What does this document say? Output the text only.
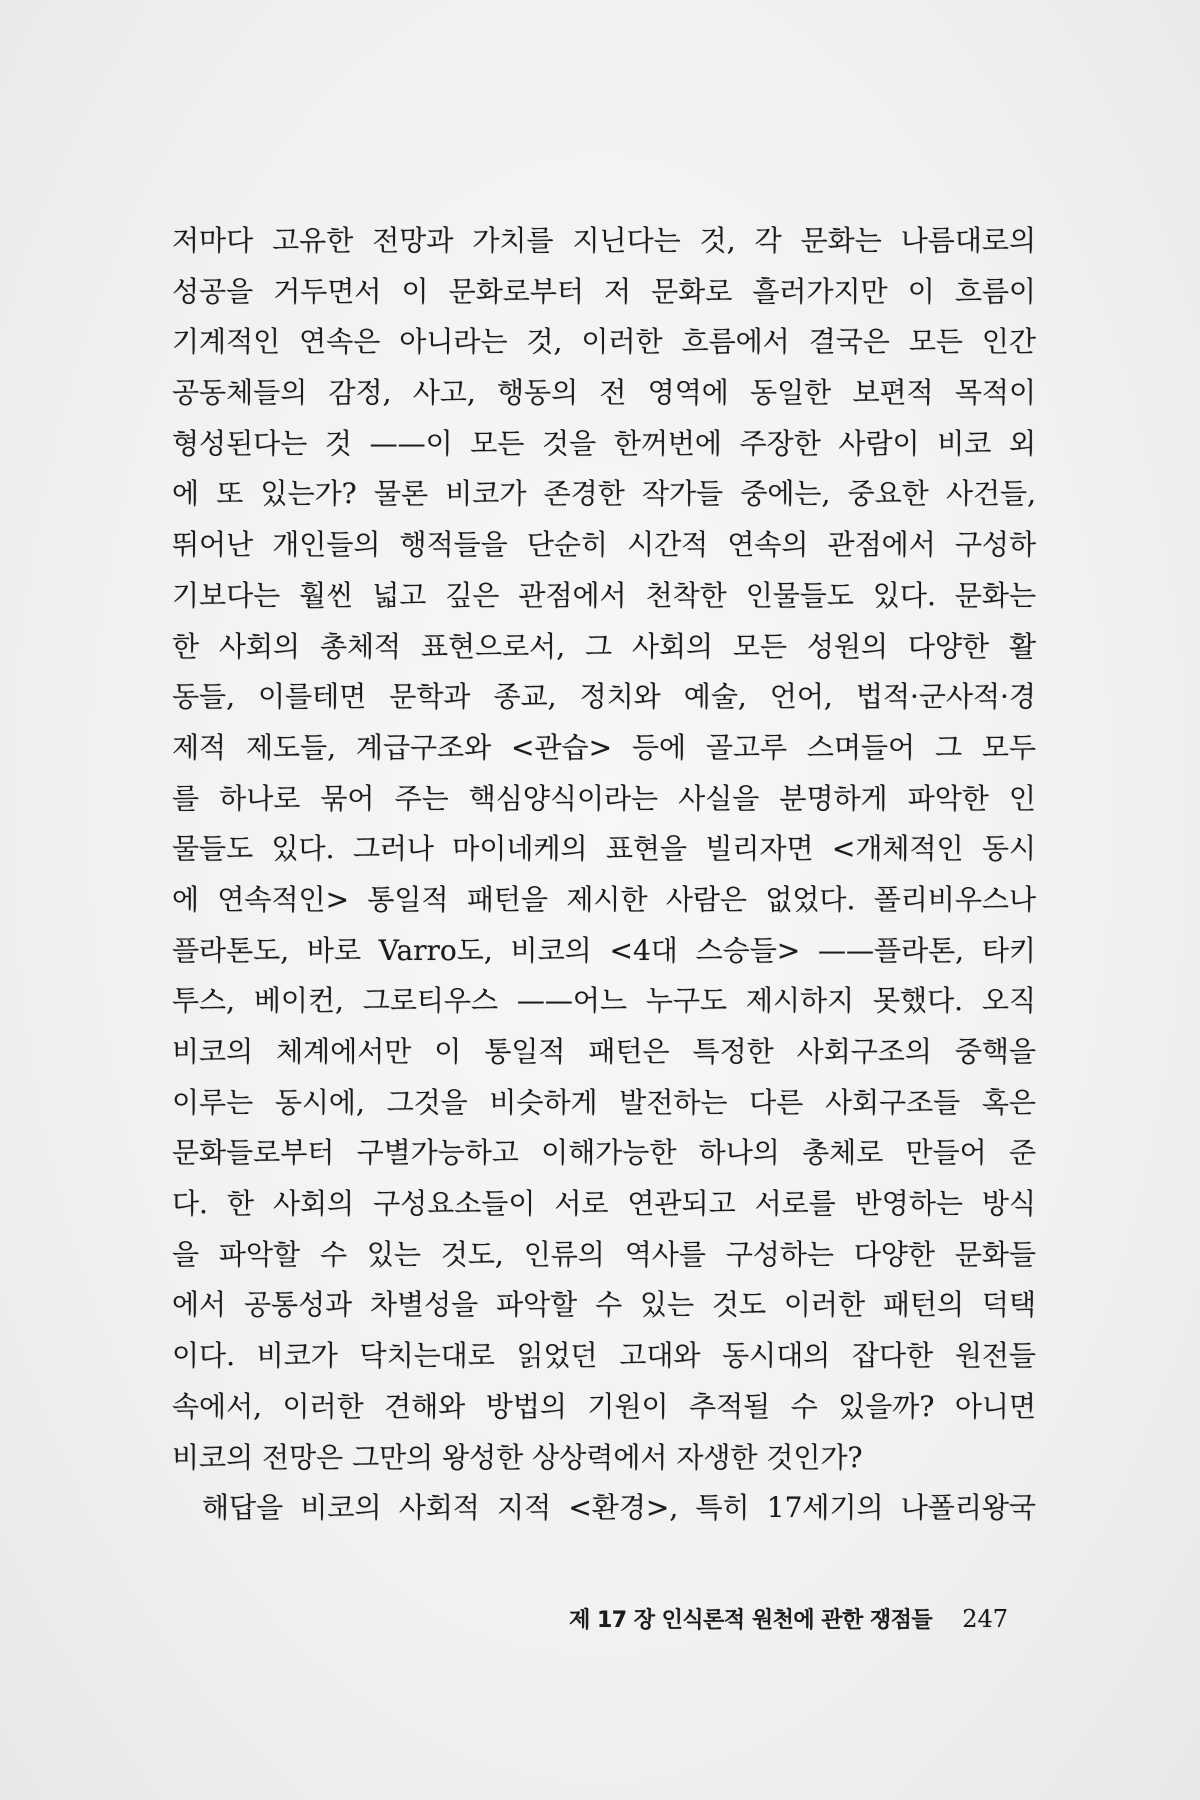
저마다 고유한 전망과 가치를 지닌다는 것, 각 문화는 나름대로의
성공을 거두면서 이 문화로부터 저 문화로 흘러가지만 이 흐름이
기계적인 연속은 아니라는 것, 이러한 흐름에서 결국은 모든 인간
공동체들의 감정, 사고, 행동의 전 영역에 동일한 보편적 목적이
형성된다는 것 ——이 모든 것을 한꺼번에 주장한 사람이 비코 외
에 또 있는가? 물론 비코가 존경한 작가들 중에는, 중요한 사건들,
뛰어난 개인들의 행적들을 단순히 시간적 연속의 관점에서 구성하
기보다는 훨씬 넓고 깊은 관점에서 천착한 인물들도 있다. 문화는
한 사회의 총체적 표현으로서, 그 사회의 모든 성원의 다양한 활
동들, 이를테면 문학과 종교, 정치와 예술, 언어, 법적·군사적·경
제적 제도들, 계급구조와 <관습> 등에 골고루 스며들어 그 모두
를 하나로 묶어 주는 핵심양식이라는 사실을 분명하게 파악한 인
물들도 있다. 그러나 마이네케의 표현을 빌리자면 <개체적인 동시
에 연속적인> 통일적 패턴을 제시한 사람은 없었다. 폴리비우스나
플라톤도, 바로 Varro도, 비코의 <4대 스승들> ——플라톤, 타키
투스, 베이컨, 그로티우스 ——어느 누구도 제시하지 못했다. 오직
비코의 체계에서만 이 통일적 패턴은 특정한 사회구조의 중핵을
이루는 동시에, 그것을 비슷하게 발전하는 다른 사회구조들 혹은
문화들로부터 구별가능하고 이해가능한 하나의 총체로 만들어 준
다. 한 사회의 구성요소들이 서로 연관되고 서로를 반영하는 방식
을 파악할 수 있는 것도, 인류의 역사를 구성하는 다양한 문화들
에서 공통성과 차별성을 파악할 수 있는 것도 이러한 패턴의 덕택
이다. 비코가 닥치는대로 읽었던 고대와 동시대의 잡다한 원전들
속에서, 이러한 견해와 방법의 기원이 추적될 수 있을까? 아니면
비코의 전망은 그만의 왕성한 상상력에서 자생한 것인가?
해답을 비코의 사회적 지적 <환경>, 특히 17세기의 나폴리왕국
제 17 장 인식론적 원천에 관한 쟁점들 247
